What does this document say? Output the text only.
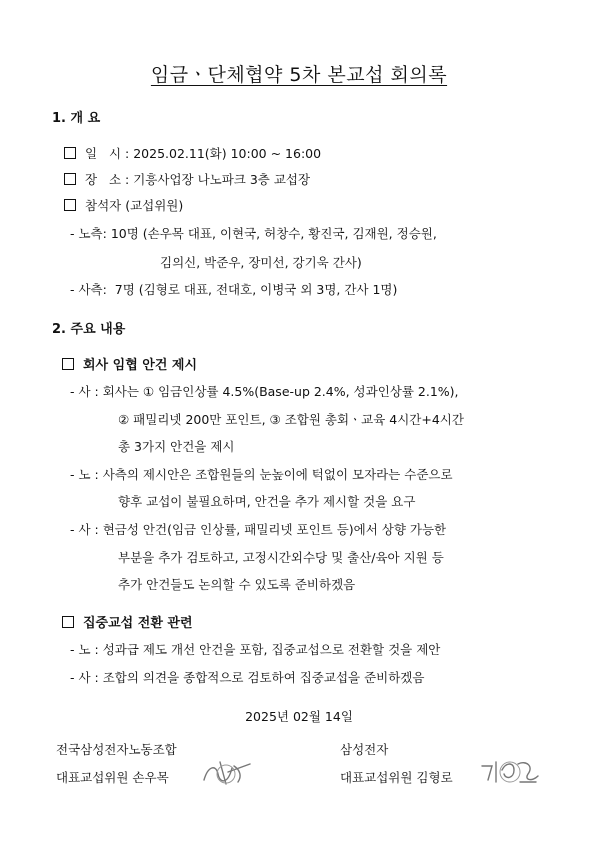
임금ㆍ단체협약 5차 본교섭 회의록
1. 개 요
일   시 : 2025.02.11(화) 10:00 ~ 16:00
장   소 : 기흥사업장 나노파크 3층 교섭장
참석자 (교섭위원)
- 노측: 10명 (손우목 대표, 이현국, 허창수, 황진국, 김재원, 정승원,
김의신, 박준우, 장미선, 강기욱 간사)
- 사측:  7명 (김형로 대표, 전대호, 이병국 외 3명, 간사 1명)
2. 주요 내용
회사 임협 안건 제시
- 사 : 회사는 ① 임금인상률 4.5%(Base-up 2.4%, 성과인상률 2.1%),
② 패밀리넷 200만 포인트, ③ 조합원 총회ㆍ교육 4시간+4시간
총 3가지 안건을 제시
- 노 : 사측의 제시안은 조합원들의 눈높이에 턱없이 모자라는 수준으로
향후 교섭이 불필요하며, 안건을 추가 제시할 것을 요구
- 사 : 현금성 안건(임금 인상률, 패밀리넷 포인트 등)에서 상향 가능한
부분을 추가 검토하고, 고정시간외수당 및 출산/육아 지원 등
추가 안건들도 논의할 수 있도록 준비하겠음
집중교섭 전환 관련
- 노 : 성과급 제도 개선 안건을 포함, 집중교섭으로 전환할 것을 제안
- 사 : 조합의 의견을 종합적으로 검토하여 집중교섭을 준비하겠음
2025년 02월 14일
전국삼성전자노동조합
대표교섭위원 손우목
삼성전자
대표교섭위원 김형로
